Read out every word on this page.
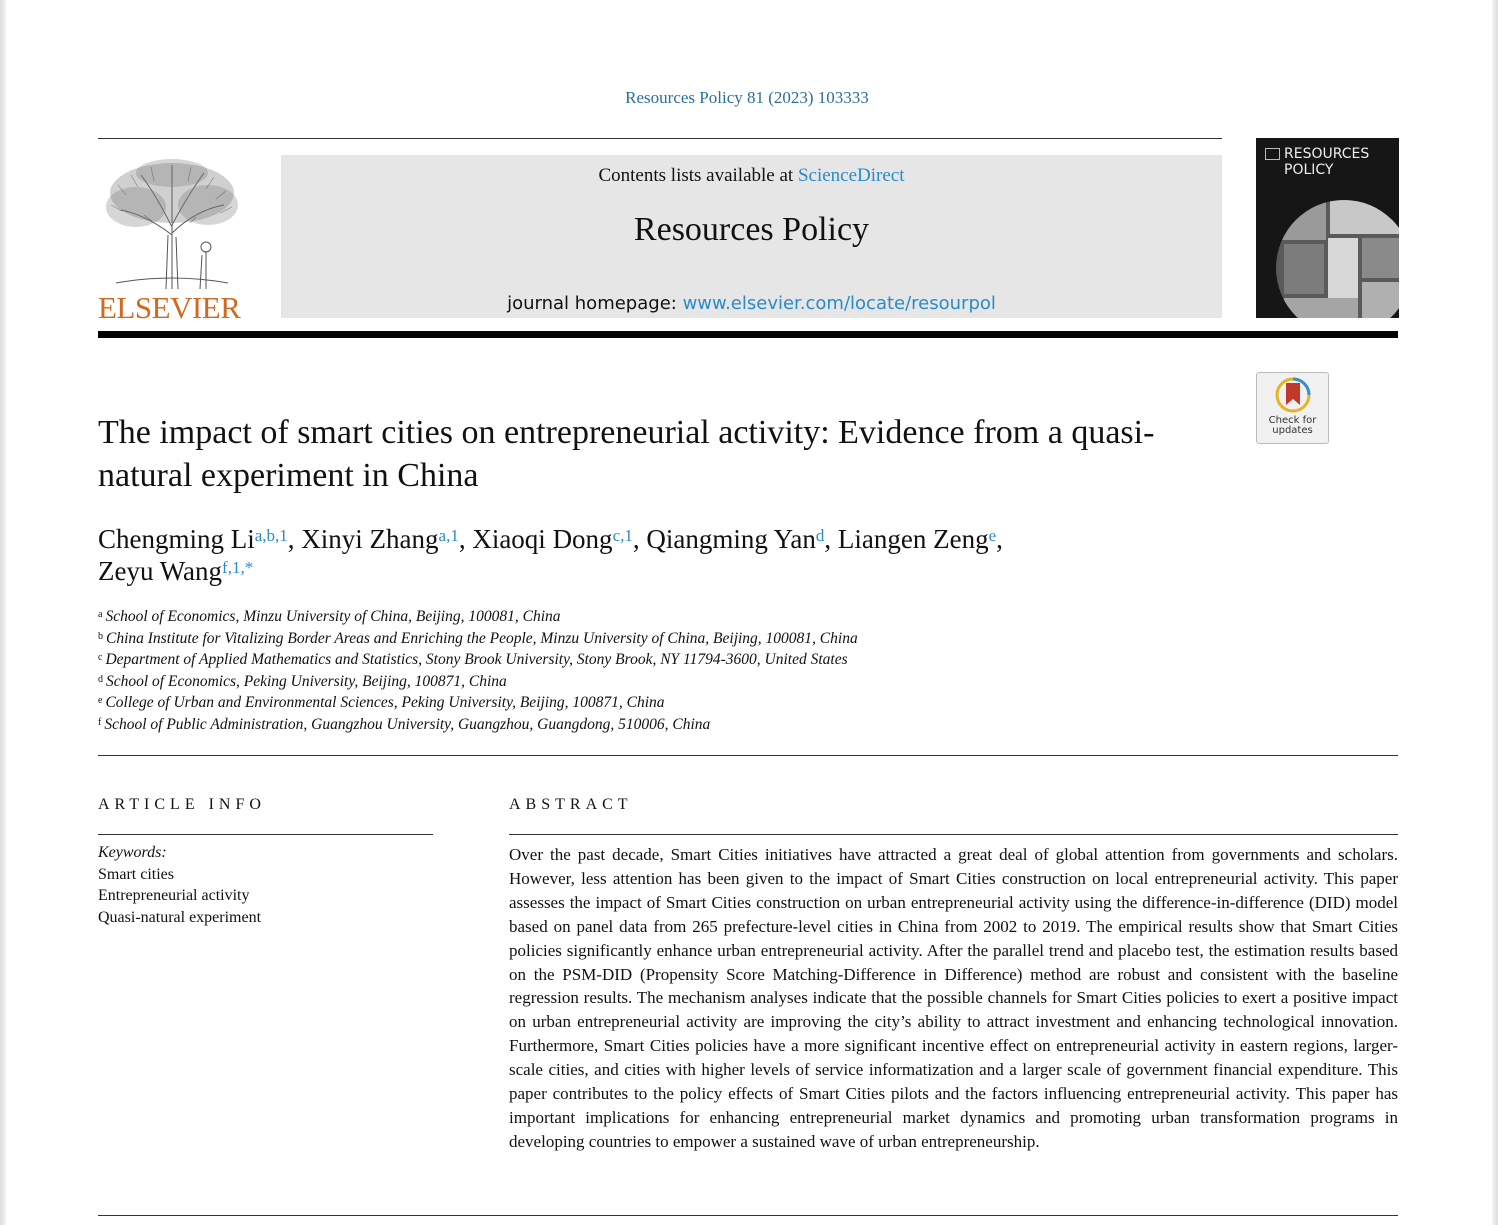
Resources Policy 81 (2023) 103333
ELSEVIER
Contents lists available at ScienceDirect
Resources Policy
journal homepage: www.elsevier.com/locate/resourpol
RESOURCES
POLICY
Check for
updates
The impact of smart cities on entrepreneurial activity: Evidence from a quasi-natural experiment in China
Chengming Li$^{a,b,1}$, Xinyi Zhang$^{a,1}$, Xiaoqi Dong$^{c,1}$, Qiangming Yan$^d$, Liangen Zeng$^e$,
Zeyu Wang$^{f,1,*}$
$^a$ School of Economics, Minzu University of China, Beijing, 100081, China
$^b$ China Institute for Vitalizing Border Areas and Enriching the People, Minzu University of China, Beijing, 100081, China
$^c$ Department of Applied Mathematics and Statistics, Stony Brook University, Stony Brook, NY 11794-3600, United States
$^d$ School of Economics, Peking University, Beijing, 100871, China
$^e$ College of Urban and Environmental Sciences, Peking University, Beijing, 100871, China
$^f$ School of Public Administration, Guangzhou University, Guangzhou, Guangdong, 510006, China
ARTICLE INFO	ABSTRACT
Keywords:
Smart cities
Entrepreneurial activity
Quasi-natural experiment
Over the past decade, Smart Cities initiatives have attracted a great deal of global attention from governments and scholars. However, less attention has been given to the impact of Smart Cities construction on local entrepreneurial activity. This paper assesses the impact of Smart Cities construction on urban entrepreneurial activity using the difference-in-difference (DID) model based on panel data from 265 prefecture-level cities in China from 2002 to 2019. The empirical results show that Smart Cities policies significantly enhance urban entrepreneurial activity. After the parallel trend and placebo test, the estimation results based on the PSM-DID (Propensity Score Matching-Difference in Difference) method are robust and consistent with the baseline regression results. The mechanism analyses indicate that the possible channels for Smart Cities policies to exert a positive impact on urban entrepreneurial activity are improving the city’s ability to attract investment and enhancing technological innovation. Furthermore, Smart Cities policies have a more significant incentive effect on entrepreneurial activity in eastern regions, larger-scale cities, and cities with higher levels of service informatization and a larger scale of government financial expenditure. This paper contributes to the policy effects of Smart Cities pilots and the factors influencing entrepreneurial activity. This paper has important implications for enhancing entrepreneurial market dynamics and promoting urban transformation programs in developing countries to empower a sustained wave of urban entrepreneurship.
